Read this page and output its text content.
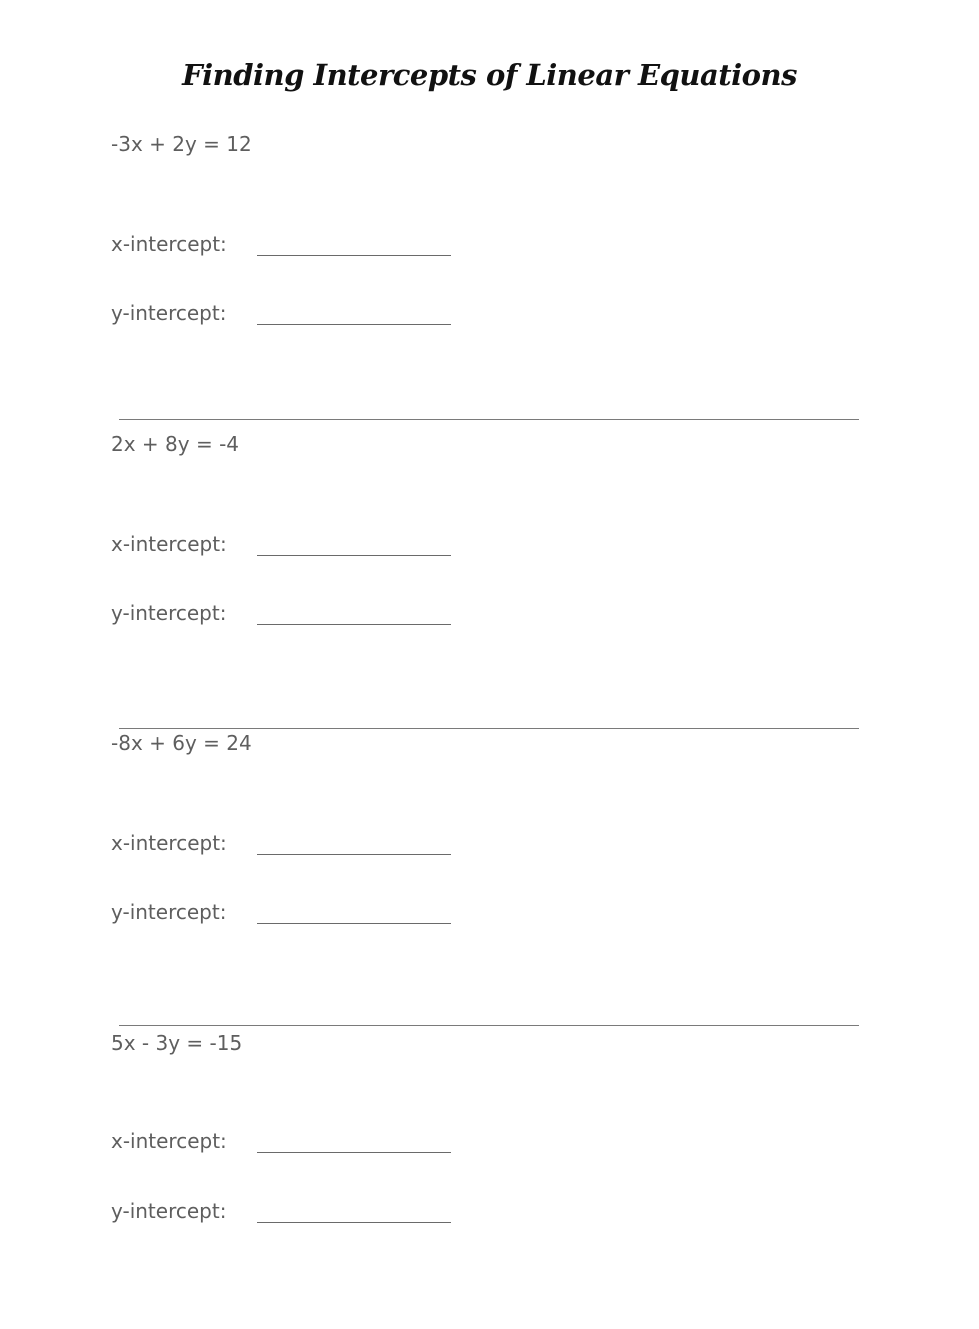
Finding Intercepts of Linear Equations
-3x + 2y = 12
x-intercept:
y-intercept:
2x + 8y = -4
x-intercept:
y-intercept:
-8x + 6y = 24
x-intercept:
y-intercept:
5x - 3y = -15
x-intercept:
y-intercept:
